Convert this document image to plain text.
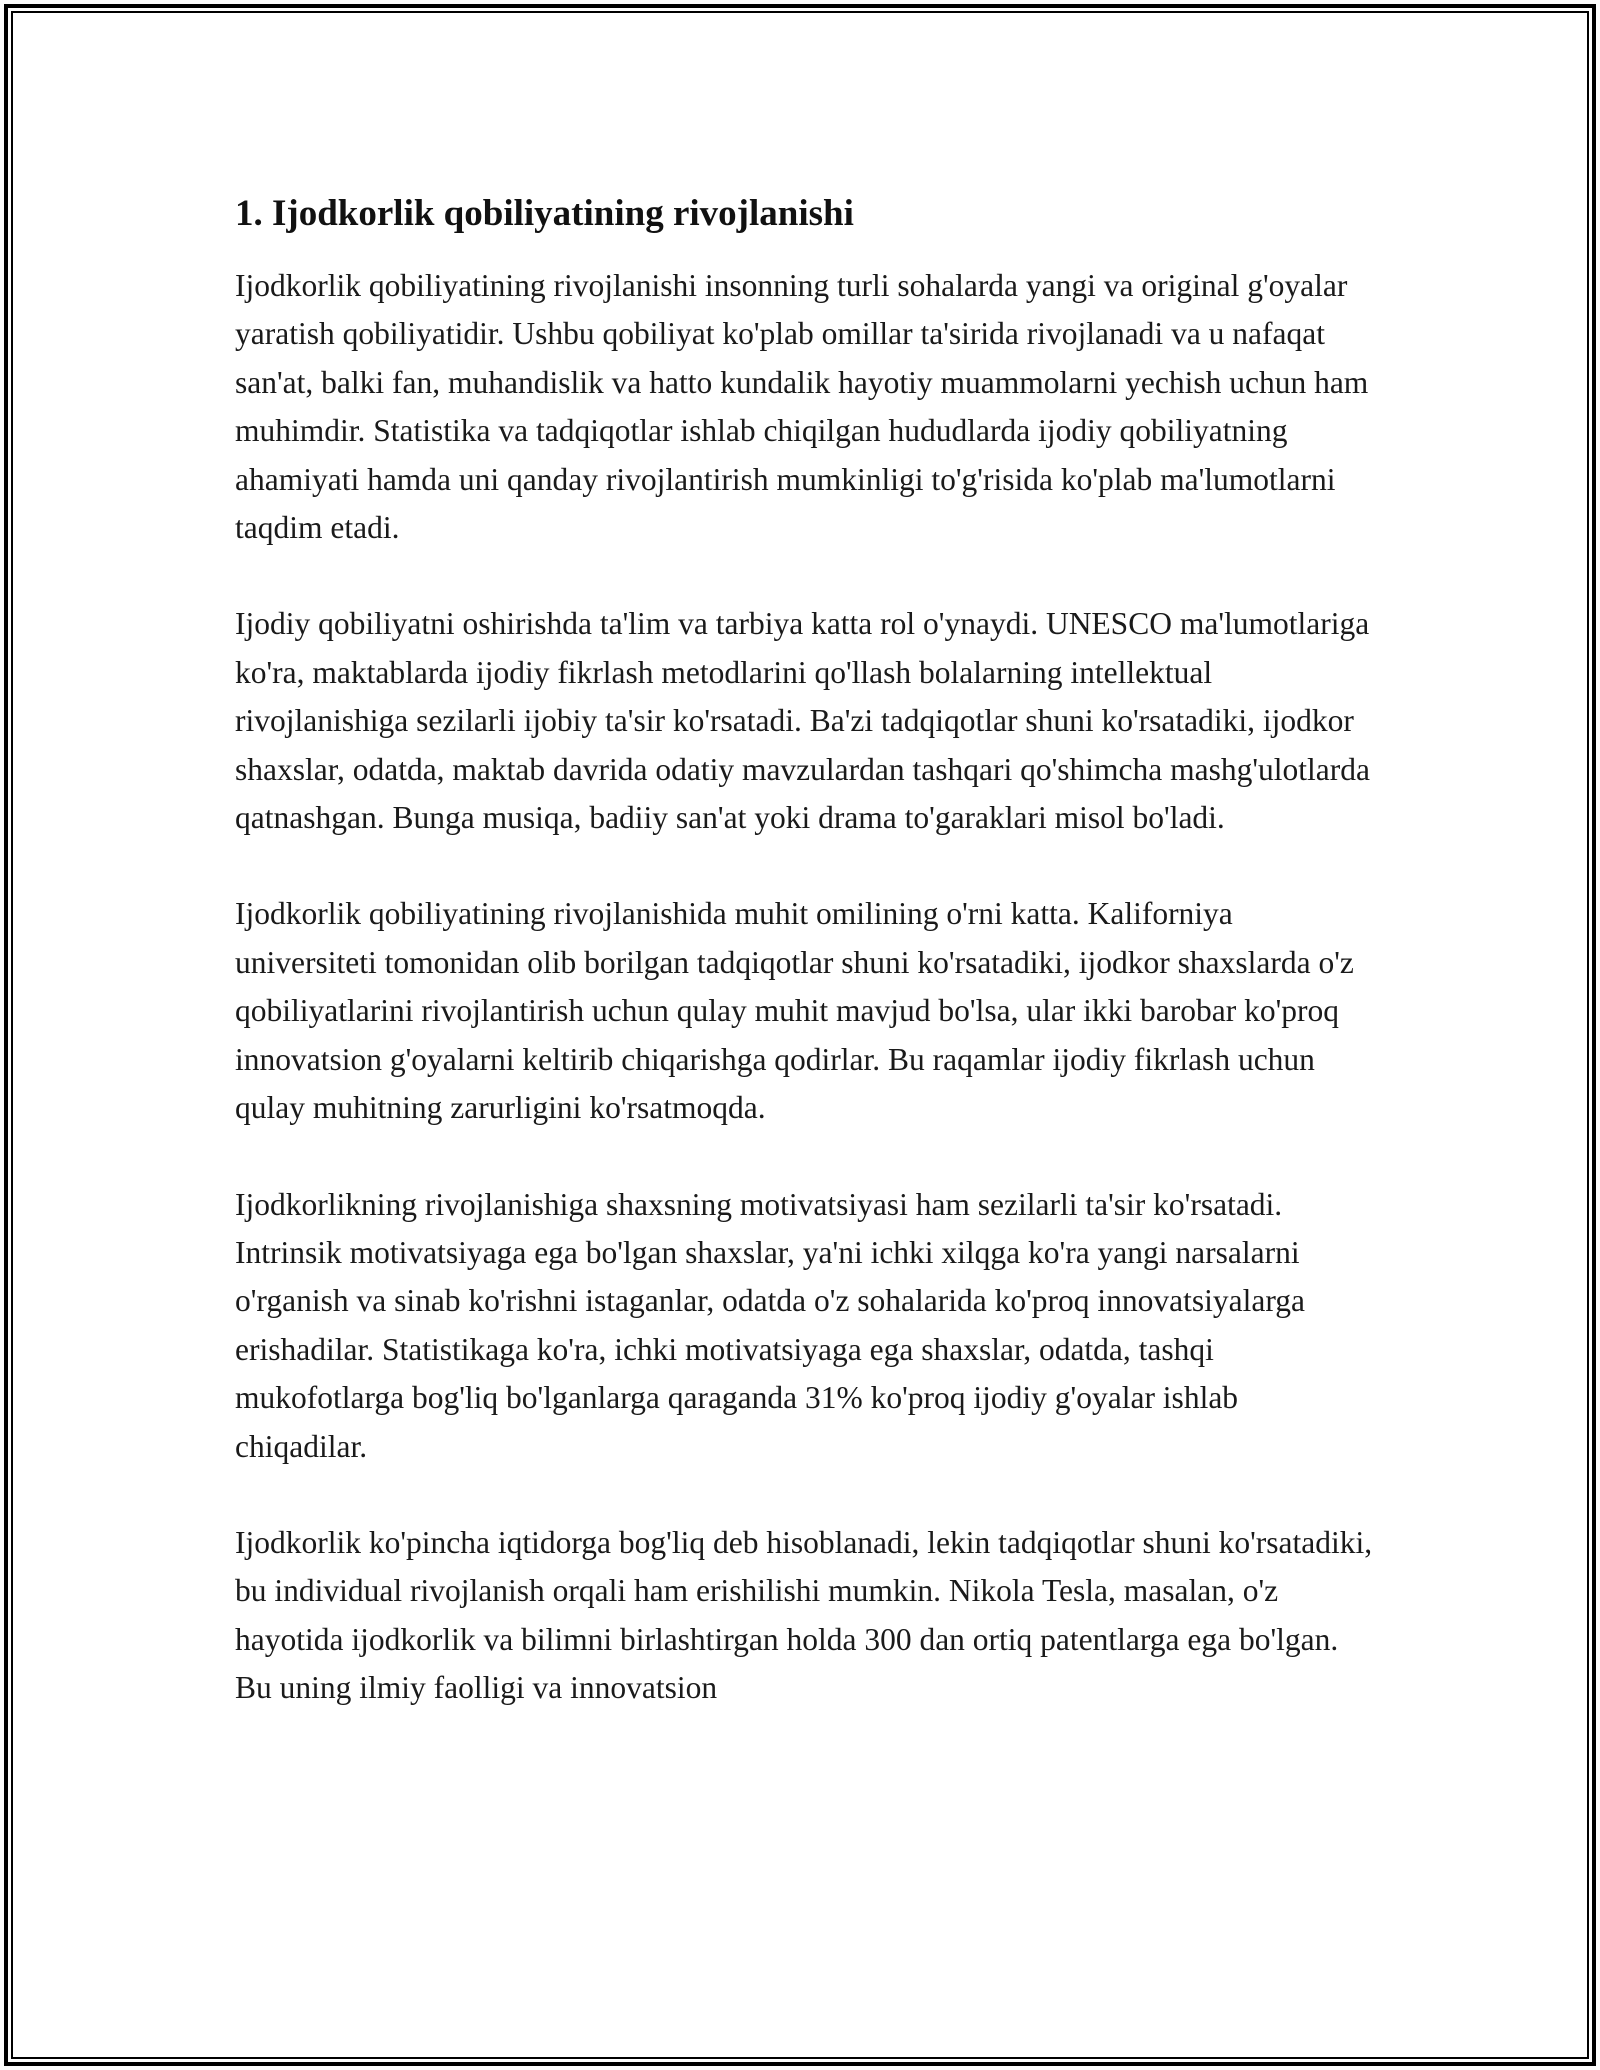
1. Ijodkorlik qobiliyatining rivojlanishi

Ijodkorlik qobiliyatining rivojlanishi insonning turli sohalarda yangi va original g'oyalar yaratish qobiliyatidir. Ushbu qobiliyat ko'plab omillar ta'sirida rivojlanadi va u nafaqat san'at, balki fan, muhandislik va hatto kundalik hayotiy muammolarni yechish uchun ham muhimdir. Statistika va tadqiqotlar ishlab chiqilgan hududlarda ijodiy qobiliyatning ahamiyati hamda uni qanday rivojlantirish mumkinligi to'g'risida ko'plab ma'lumotlarni taqdim etadi.

Ijodiy qobiliyatni oshirishda ta'lim va tarbiya katta rol o'ynaydi. UNESCO ma'lumotlariga ko'ra, maktablarda ijodiy fikrlash metodlarini qo'llash bolalarning intellektual rivojlanishiga sezilarli ijobiy ta'sir ko'rsatadi. Ba'zi tadqiqotlar shuni ko'rsatadiki, ijodkor shaxslar, odatda, maktab davrida odatiy mavzulardan tashqari qo'shimcha mashg'ulotlarda qatnashgan. Bunga musiqa, badiiy san'at yoki drama to'garaklari misol bo'ladi.

Ijodkorlik qobiliyatining rivojlanishida muhit omilining o'rni katta. Kaliforniya universiteti tomonidan olib borilgan tadqiqotlar shuni ko'rsatadiki, ijodkor shaxslarda o'z qobiliyatlarini rivojlantirish uchun qulay muhit mavjud bo'lsa, ular ikki barobar ko'proq innovatsion g'oyalarni keltirib chiqarishga qodirlar. Bu raqamlar ijodiy fikrlash uchun qulay muhitning zarurligini ko'rsatmoqda.

Ijodkorlikning rivojlanishiga shaxsning motivatsiyasi ham sezilarli ta'sir ko'rsatadi. Intrinsik motivatsiyaga ega bo'lgan shaxslar, ya'ni ichki xilqga ko'ra yangi narsalarni o'rganish va sinab ko'rishni istaganlar, odatda o'z sohalarida ko'proq innovatsiyalarga erishadilar. Statistikaga ko'ra, ichki motivatsiyaga ega shaxslar, odatda, tashqi mukofotlarga bog'liq bo'lganlarga qaraganda 31% ko'proq ijodiy g'oyalar ishlab chiqadilar.

Ijodkorlik ko'pincha iqtidorga bog'liq deb hisoblanadi, lekin tadqiqotlar shuni ko'rsatadiki, bu individual rivojlanish orqali ham erishilishi mumkin. Nikola Tesla, masalan, o'z hayotida ijodkorlik va bilimni birlashtirgan holda 300 dan ortiq patentlarga ega bo'lgan. Bu uning ilmiy faolligi va innovatsion
